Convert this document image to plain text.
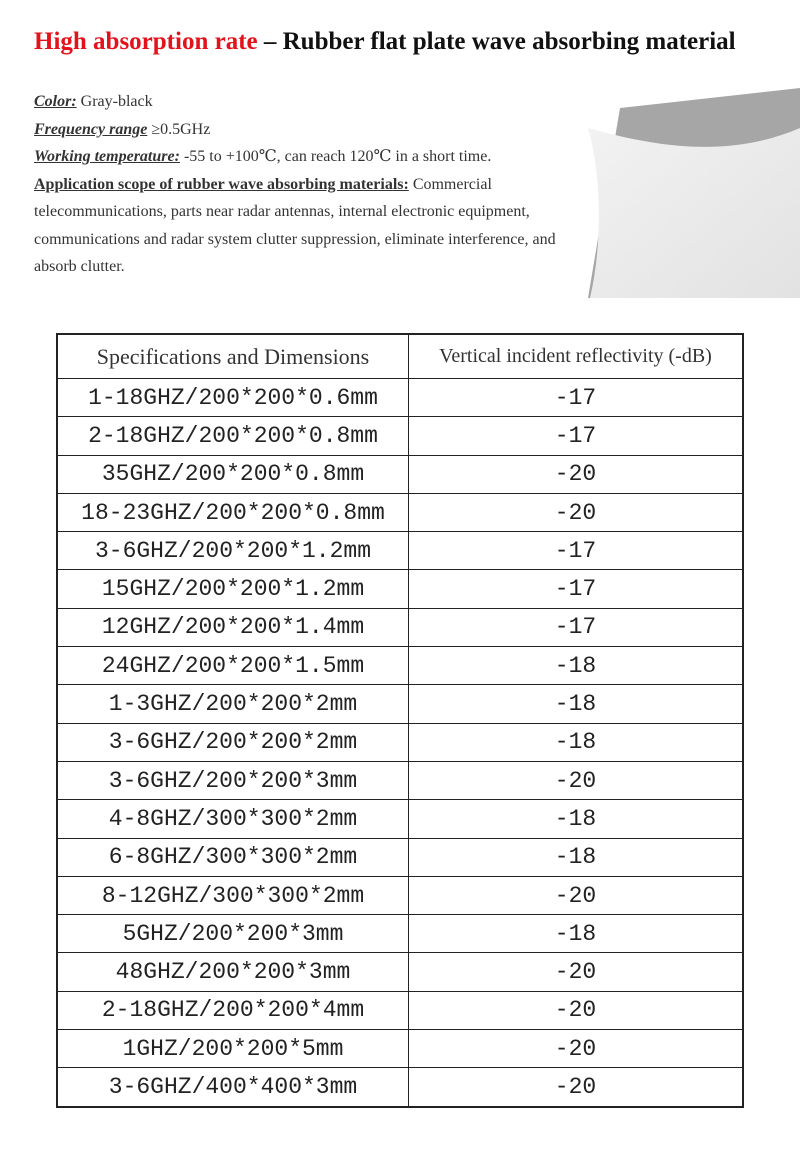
High absorption rate – Rubber flat plate wave absorbing material
Color: Gray-black
Frequency range ≥0.5GHz
Working temperature: -55 to +100℃, can reach 120℃ in a short time.
Application scope of rubber wave absorbing materials: Commercial telecommunications, parts near radar antennas, internal electronic equipment, communications and radar system clutter suppression, eliminate interference, and absorb clutter.
Specifications and Dimensions	Vertical incident reflectivity (-dB)
1-18GHZ/200*200*0.6mm	-17
2-18GHZ/200*200*0.8mm	-17
35GHZ/200*200*0.8mm	-20
18-23GHZ/200*200*0.8mm	-20
3-6GHZ/200*200*1.2mm	-17
15GHZ/200*200*1.2mm	-17
12GHZ/200*200*1.4mm	-17
24GHZ/200*200*1.5mm	-18
1-3GHZ/200*200*2mm	-18
3-6GHZ/200*200*2mm	-18
3-6GHZ/200*200*3mm	-20
4-8GHZ/300*300*2mm	-18
6-8GHZ/300*300*2mm	-18
8-12GHZ/300*300*2mm	-20
5GHZ/200*200*3mm	-18
48GHZ/200*200*3mm	-20
2-18GHZ/200*200*4mm	-20
1GHZ/200*200*5mm	-20
3-6GHZ/400*400*3mm	-20
